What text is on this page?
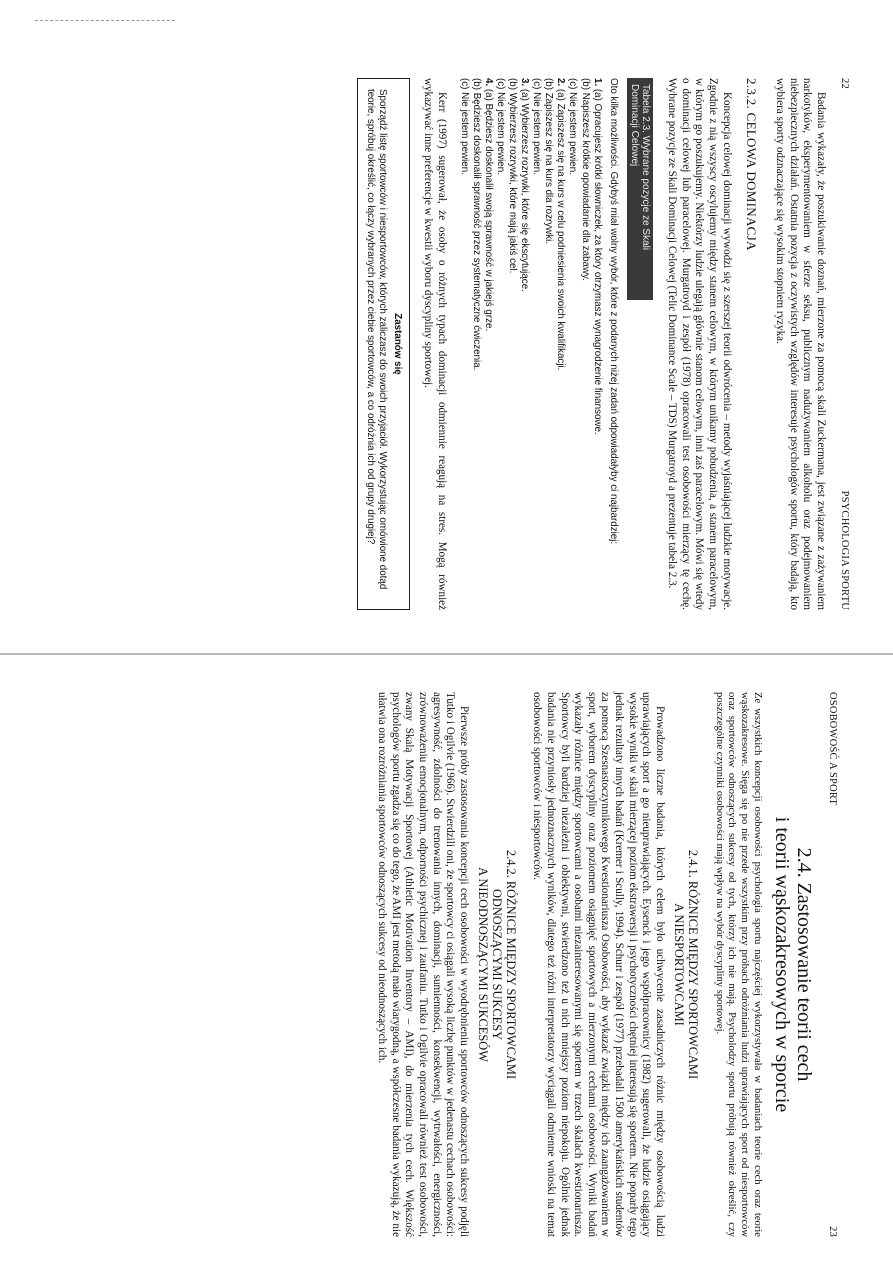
22
PSYCHOLOGIA SPORTU

Badania wykazały, że poszukiwanie doznań, mierzone za pomocą skali Zuckermana, jest związane z zażywaniem narkotyków, eksperymentowaniem w sferze seksu, publicznym nadużywaniem alkoholu oraz podejmowaniem niebezpiecznych działań. Ostatnia pozycja z oczywistych względów interesuje psychologów sportu, który badają, kto wybiera sporty odznaczające się wysokim stopniem ryzyka.

2.3.2. CELOWA DOMINACJA

Koncepcja celowej dominacji wywodzi się z szerszej teorii odwrócenia – metody wyjaśniającej ludzkie motywacje. Zgodnie z nią wszyscy oscylujemy między stanem celowym, w którym unikamy pobudzenia, a stanem paracelowym, w którym go poszukujemy. Niektórzy ludzie ulegają głównie stanom celowym, inni zaś paracelowym. Mówi się wtedy o dominacji celowej lub paracelowej. Murgatroyd i zespół (1978) opracowali test osobowości mierzący tę cechę. Wybrane pozycje ze Skali Dominacji Celowej (Telic Dominance Scale – TDS) Murgatroyd a prezentuje tabela 2.3.

Tabela 2.3. Wybrane pozycje ze Skali Dominacji Celowej
Oto kilka możliwości. Gdybyś miał wolny wybór, które z podanych niżej zadań odpowiadałyby ci najbardziej:
1. (a) Opracujesz krótki słowniczek, za który otrzymasz wynagrodzenie finansowe.
(b) Napiszesz krótkie opowiadanie dla zabawy.
(c) Nie jestem pewien.
2. (a) Zapiszesz się na kurs w celu podniesienia swoich kwalifikacji.
(b) Zapiszesz się na kurs dla rozrywki.
(c) Nie jestem pewien.
3. (a) Wybierzesz rozrywki, które się ekscytujące.
(b) Wybierzesz rozrywki, które mają jakiś cel.
(c) Nie jestem pewien.
4. (a) Będziesz doskonalił swoją sprawność w jakiejś grze.
(b) Będziesz doskonalił sprawność przez systematyczne ćwiczenia.
(c) Nie jestem pewien.

Kerr (1997) sugerował, że osoby o różnych typach dominacji odmiennie reagują na stres. Mogą również wykazywać inne preferencje w kwestii wyboru dyscypliny sportowej.

Zastanów się
Sporządź listę sportowców i niesportowców, których zaliczasz do swoich przyjaciół. Wykorzystując omówione dotąd teorie, spróbuj określić, co łączy wybranych przez ciebie sportowców, a co odróżnia ich od grupy drugiej?
OSOBOWOŚĆ A SPORT
23
2.4. Zastosowanie teorii cech
i teorii wąskozakresowych w sporcie

Ze wszystkich koncepcji osobowości psychologia sportu najczęściej wykorzystywała w badaniach teorie cech oraz teorie wąskozakresowe. Sięga się po nie przede wszystkim przy próbach odróżniania ludzi uprawiających sport od niesportowców oraz sportowców odnoszących sukcesy od tych, którzy ich nie mają. Psycholodzy sportu próbują również określić, czy poszczególne czynniki osobowości mają wpływ na wybór dyscypliny sportowej.

2.4.1. RÓŻNICE MIĘDZY SPORTOWCAMI
A NIESPORTOWCAMI

Prowadzono liczne badania, których celem było uchwycenie zasadniczych różnic między osobowością ludzi uprawiających sport a go nieuprawiających. Eysenck i jego współpracownicy (1982) sugerowali, że ludzie osiągający wysokie wyniki w skali mierzącej poziom ekstrawersji i psychotyczności chętniej interesują się sportem. Nie poparły tego jednak rezultaty innych badań (Kremer i Scully, 1994). Schurr i zespół (1977) przebadali 1500 amerykańskich studentów za pomocą Szesnastoczynnikowego Kwestionariusza Osobowości, aby wykazać związki między ich zaangażowaniem w sport, wyborem dyscypliny oraz poziomem osiągnięć sportowych a mierzonymi cechami osobowości. Wyniki badań wykazały różnice między sportowcami a osobami niezainteresowanymi się sportem w trzech skalach kwestionariusza. Sportowcy byli bardziej niezależni i obiektywni, stwierdzono też u nich mniejszy poziom niepokoju. Ogólnie jednak badania nie przyniosły jednoznacznych wyników, dlatego też różni interpretatorzy wyciągali odmienne wnioski na temat osobowości sportowców i niesportowców.

2.4.2. RÓŻNICE MIĘDZY SPORTOWCAMI
ODNOSZĄCYMI SUKCESY
A NIEODNOSZĄCYMI SUKCESÓW

Pierwsze próby zastosowania koncepcji cech osobowości w wyodrębnieniu sportowców odnoszących sukcesy podjęli Tutko i Ogilvie (1966). Stwierdzili oni, że sportowcy ci osiągali wysoką liczbę punktów w jedenastu cechach osobowości: agresywność, zdolności do trenowania innych, dominacji, sumienności, konsekwencji, wytrwałości, energiczności, zrównoważeniu emocjonalnym, odporności psychicznej i zaufaniu. Tutko i Ogilvie opracowali również test osobowości, zwany Skalą Motywacji Sportowej (Athletic Motivation Inventory – AMI), do mierzenia tych cech. Większość psychologów sportu zgadza się co do tego, że AMI jest metodą mało wiarygodną, a współczesne badania wykazują, że nie ułatwia ona rozróżniania sportowców odnoszących sukcesy od nieodnoszących ich.
